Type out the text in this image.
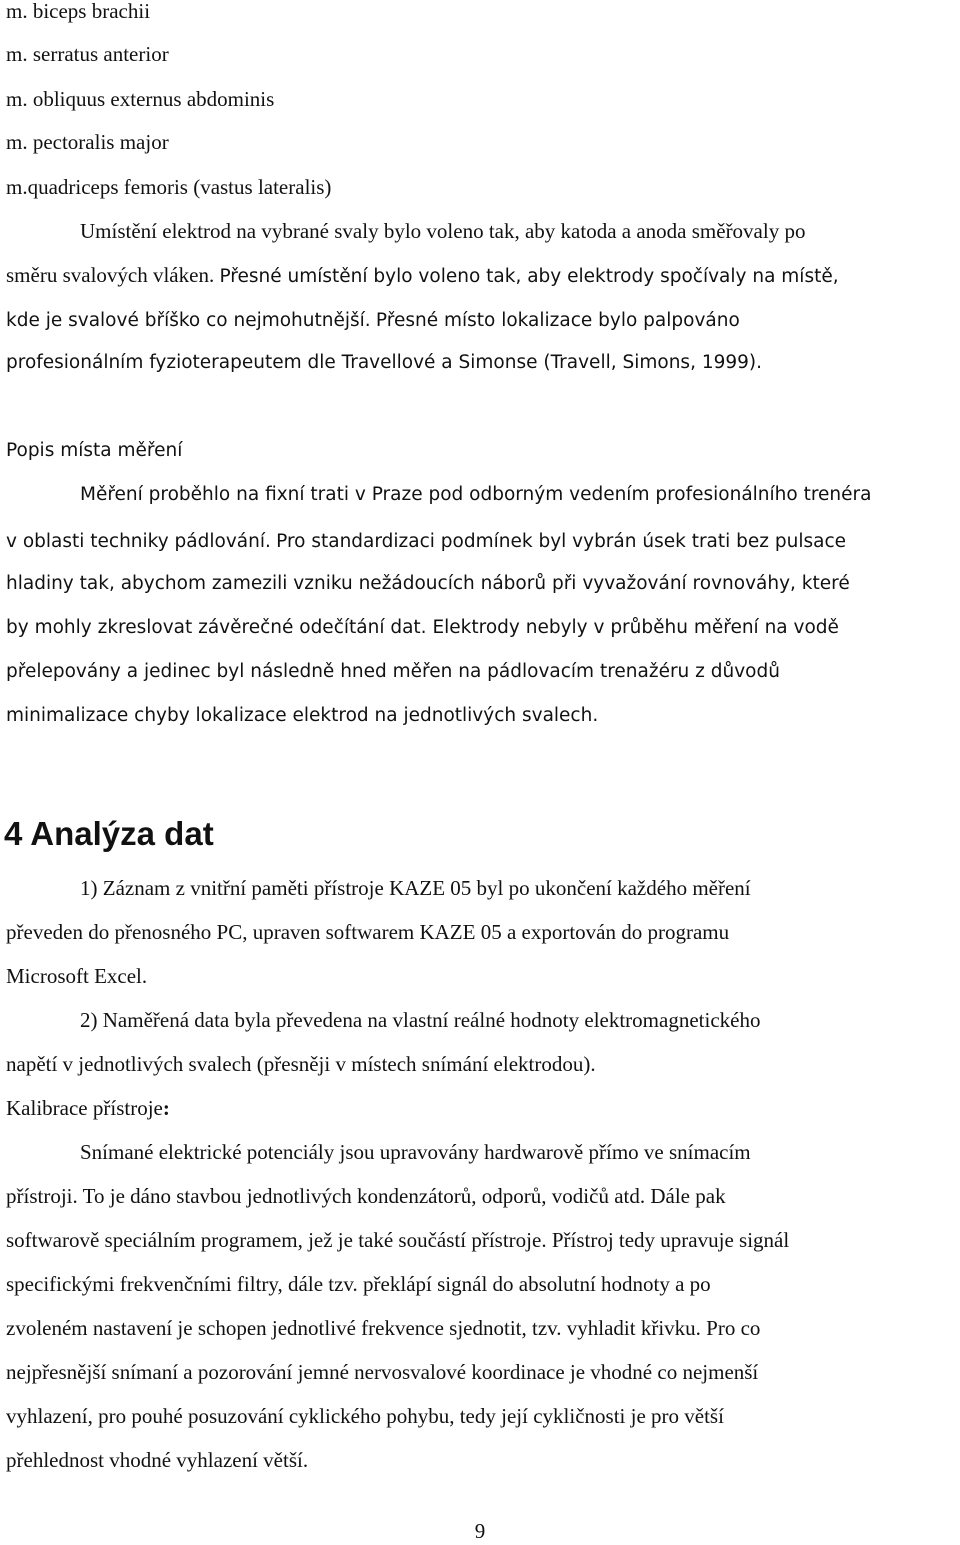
m. biceps brachii
m. serratus anterior
m. obliquus externus abdominis
m. pectoralis major
m.quadriceps femoris (vastus lateralis)
Umístění elektrod na vybrané svaly bylo voleno tak, aby katoda a anoda směřovaly po
směru svalových vláken. Přesné umístění bylo voleno tak, aby elektrody spočívaly na místě,
kde je svalové bříško co nejmohutnější. Přesné místo lokalizace bylo palpováno
profesionálním fyzioterapeutem dle Travellové a Simonse (Travell, Simons, 1999).
Popis místa měření
Měření proběhlo na fixní trati v Praze pod odborným vedením profesionálního trenéra
v oblasti techniky pádlování. Pro standardizaci podmínek byl vybrán úsek trati bez pulsace
hladiny tak, abychom zamezili vzniku nežádoucích náborů při vyvažování rovnováhy, které
by mohly zkreslovat závěrečné odečítání dat. Elektrody nebyly v průběhu měření na vodě
přelepovány a jedinec byl následně hned měřen na pádlovacím trenažéru z důvodů
minimalizace chyby lokalizace elektrod na jednotlivých svalech.
4 Analýza dat
1) Záznam z vnitřní paměti přístroje KAZE 05 byl po ukončení každého měření
převeden do přenosného PC, upraven softwarem KAZE 05 a exportován do programu
Microsoft Excel.
2) Naměřená data byla převedena na vlastní reálné hodnoty elektromagnetického
napětí v jednotlivých svalech (přesněji v místech snímání elektrodou).
Kalibrace přístroje:
Snímané elektrické potenciály jsou upravovány hardwarově přímo ve snímacím
přístroji. To je dáno stavbou jednotlivých kondenzátorů, odporů, vodičů atd. Dále pak
softwarově speciálním programem, jež je také součástí přístroje. Přístroj tedy upravuje signál
specifickými frekvenčními filtry, dále tzv. překlápí signál do absolutní hodnoty a po
zvoleném nastavení je schopen jednotlivé frekvence sjednotit, tzv. vyhladit křivku. Pro co
nejpřesnější snímaní a pozorování jemné nervosvalové koordinace je vhodné co nejmenší
vyhlazení, pro pouhé posuzování cyklického pohybu, tedy její cykličnosti je pro větší
přehlednost vhodné vyhlazení větší.
9
